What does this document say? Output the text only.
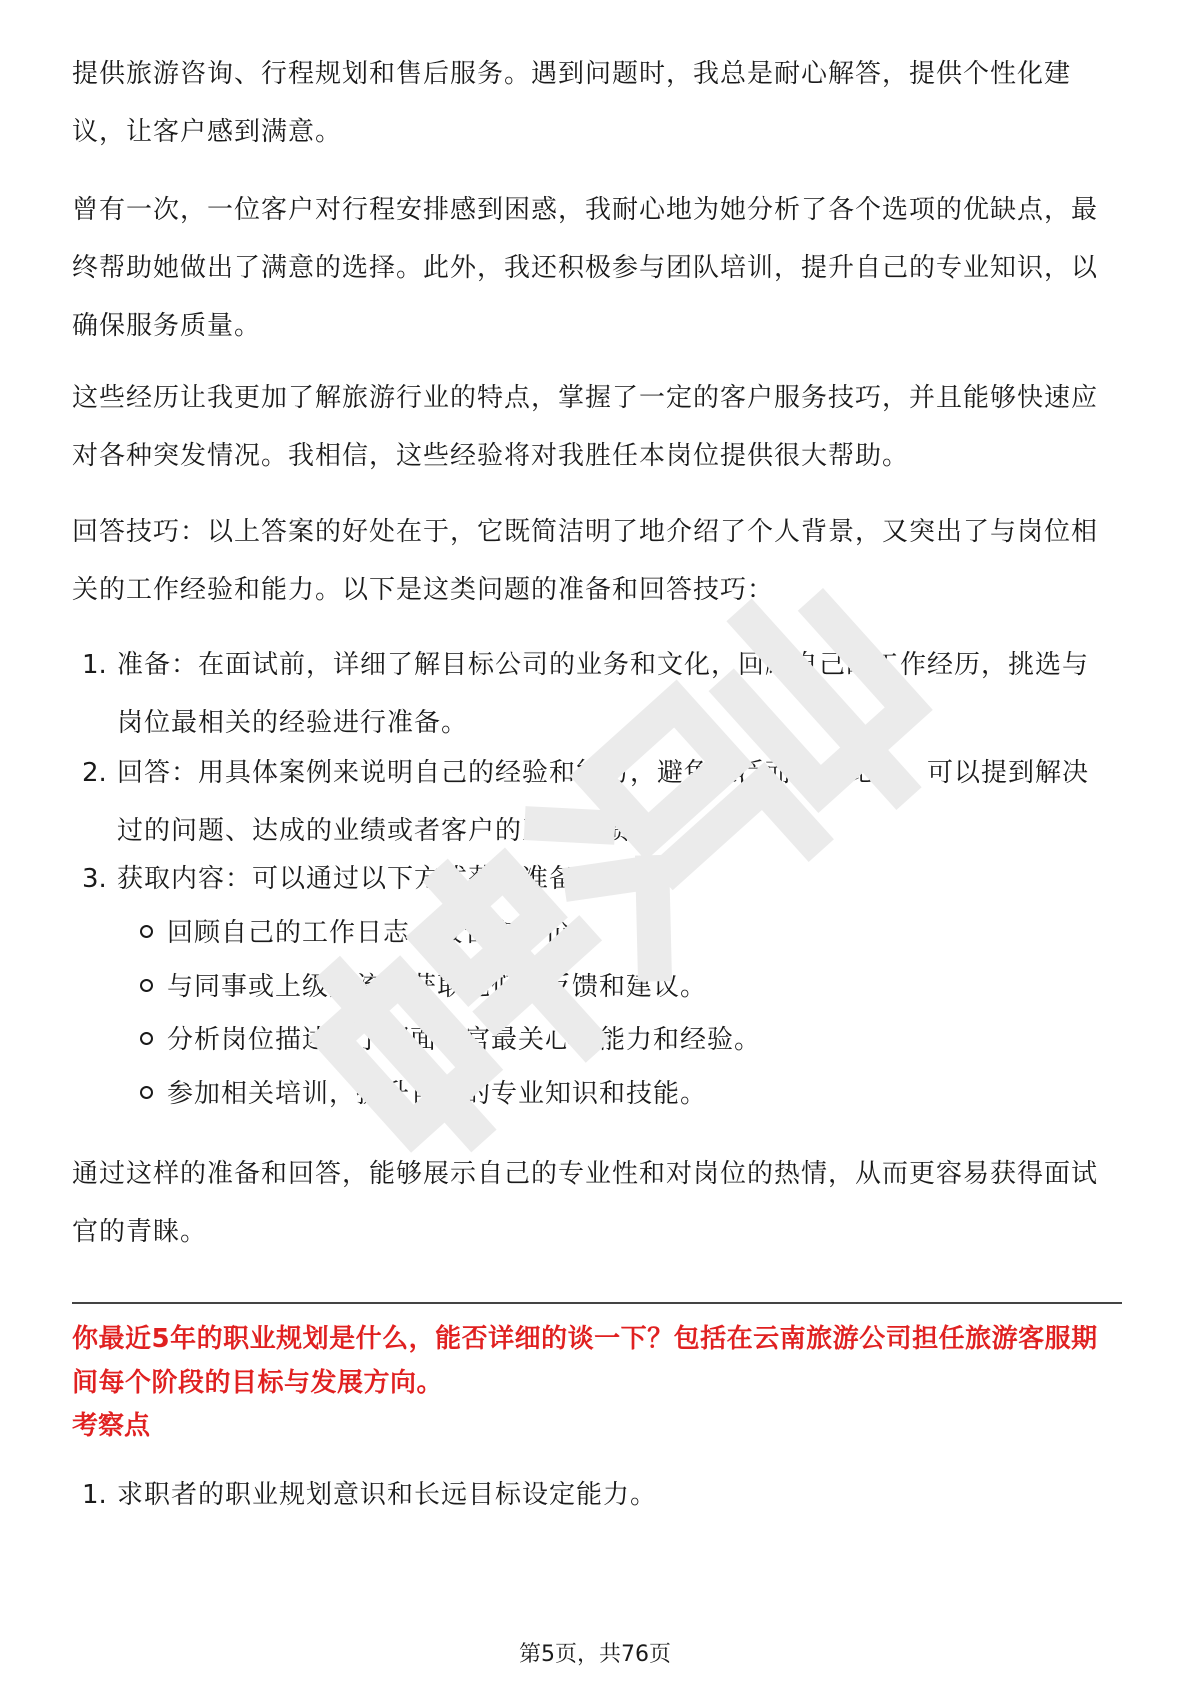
提供旅游咨询、行程规划和售后服务。遇到问题时，我总是耐心解答，提供个性化建议，让客户感到满意。

曾有一次，一位客户对行程安排感到困惑，我耐心地为她分析了各个选项的优缺点，最终帮助她做出了满意的选择。此外，我还积极参与团队培训，提升自己的专业知识，以确保服务质量。

这些经历让我更加了解旅游行业的特点，掌握了一定的客户服务技巧，并且能够快速应对各种突发情况。我相信，这些经验将对我胜任本岗位提供很大帮助。

回答技巧：以上答案的好处在于，它既简洁明了地介绍了个人背景，又突出了与岗位相关的工作经验和能力。以下是这类问题的准备和回答技巧：

1. 准备：在面试前，详细了解目标公司的业务和文化，回顾自己的工作经历，挑选与岗位最相关的经验进行准备。
2. 回答：用具体案例来说明自己的经验和能力，避免泛泛而谈。比如，可以提到解决过的问题、达成的业绩或者客户的正面反馈。
3. 获取内容：可以通过以下方式获取准备内容：
回顾自己的工作日志、报告和评价。
与同事或上级交流，获取他们的反馈和建议。
分析岗位描述，了解面试官最关心的能力和经验。
参加相关培训，提升自己的专业知识和技能。

通过这样的准备和回答，能够展示自己的专业性和对岗位的热情，从而更容易获得面试官的青睐。

你最近5年的职业规划是什么，能否详细的谈一下？包括在云南旅游公司担任旅游客服期间每个阶段的目标与发展方向。

考察点
1. 求职者的职业规划意识和长远目标设定能力。
第5页，共76页
